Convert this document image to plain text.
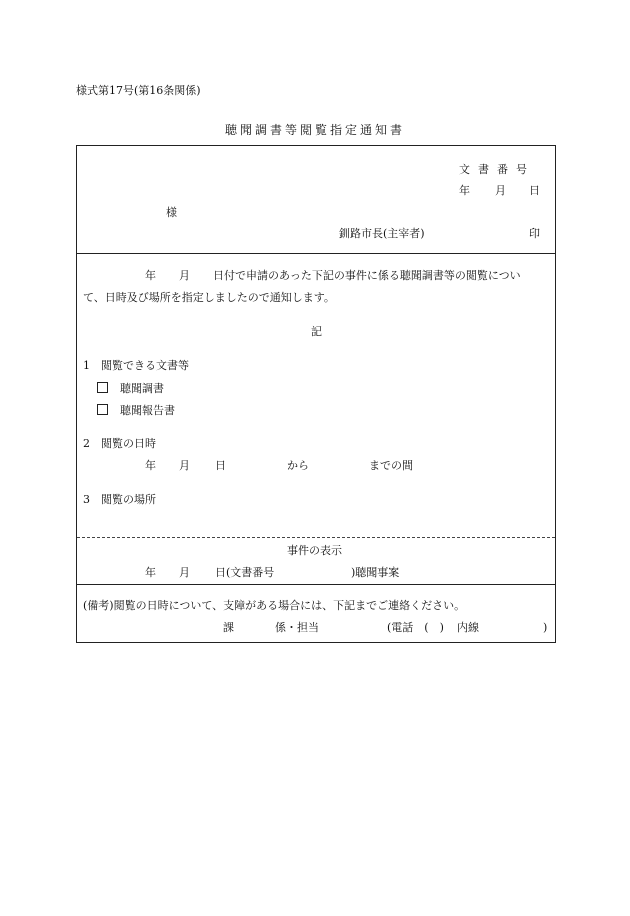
様式第17号(第16条関係)
聴聞調書等閲覧指定通知書
文書番号
年 月 日
様
釧路市長(主宰者)	印
年 月 日付で申請のあった下記の事件に係る聴聞調書等の閲覧につい
て、日時及び場所を指定しましたので通知します。
記
1　閲覧できる文書等
聴聞調書
聴聞報告書
2　閲覧の日時
年 月 日	から	までの間
3　閲覧の場所
事件の表示
年 月 日(文書番号	)聴聞事案
(備考)閲覧の日時について、支障がある場合には、下記までご連絡ください。
課	係・担当	(電話　(　) 内線	)
